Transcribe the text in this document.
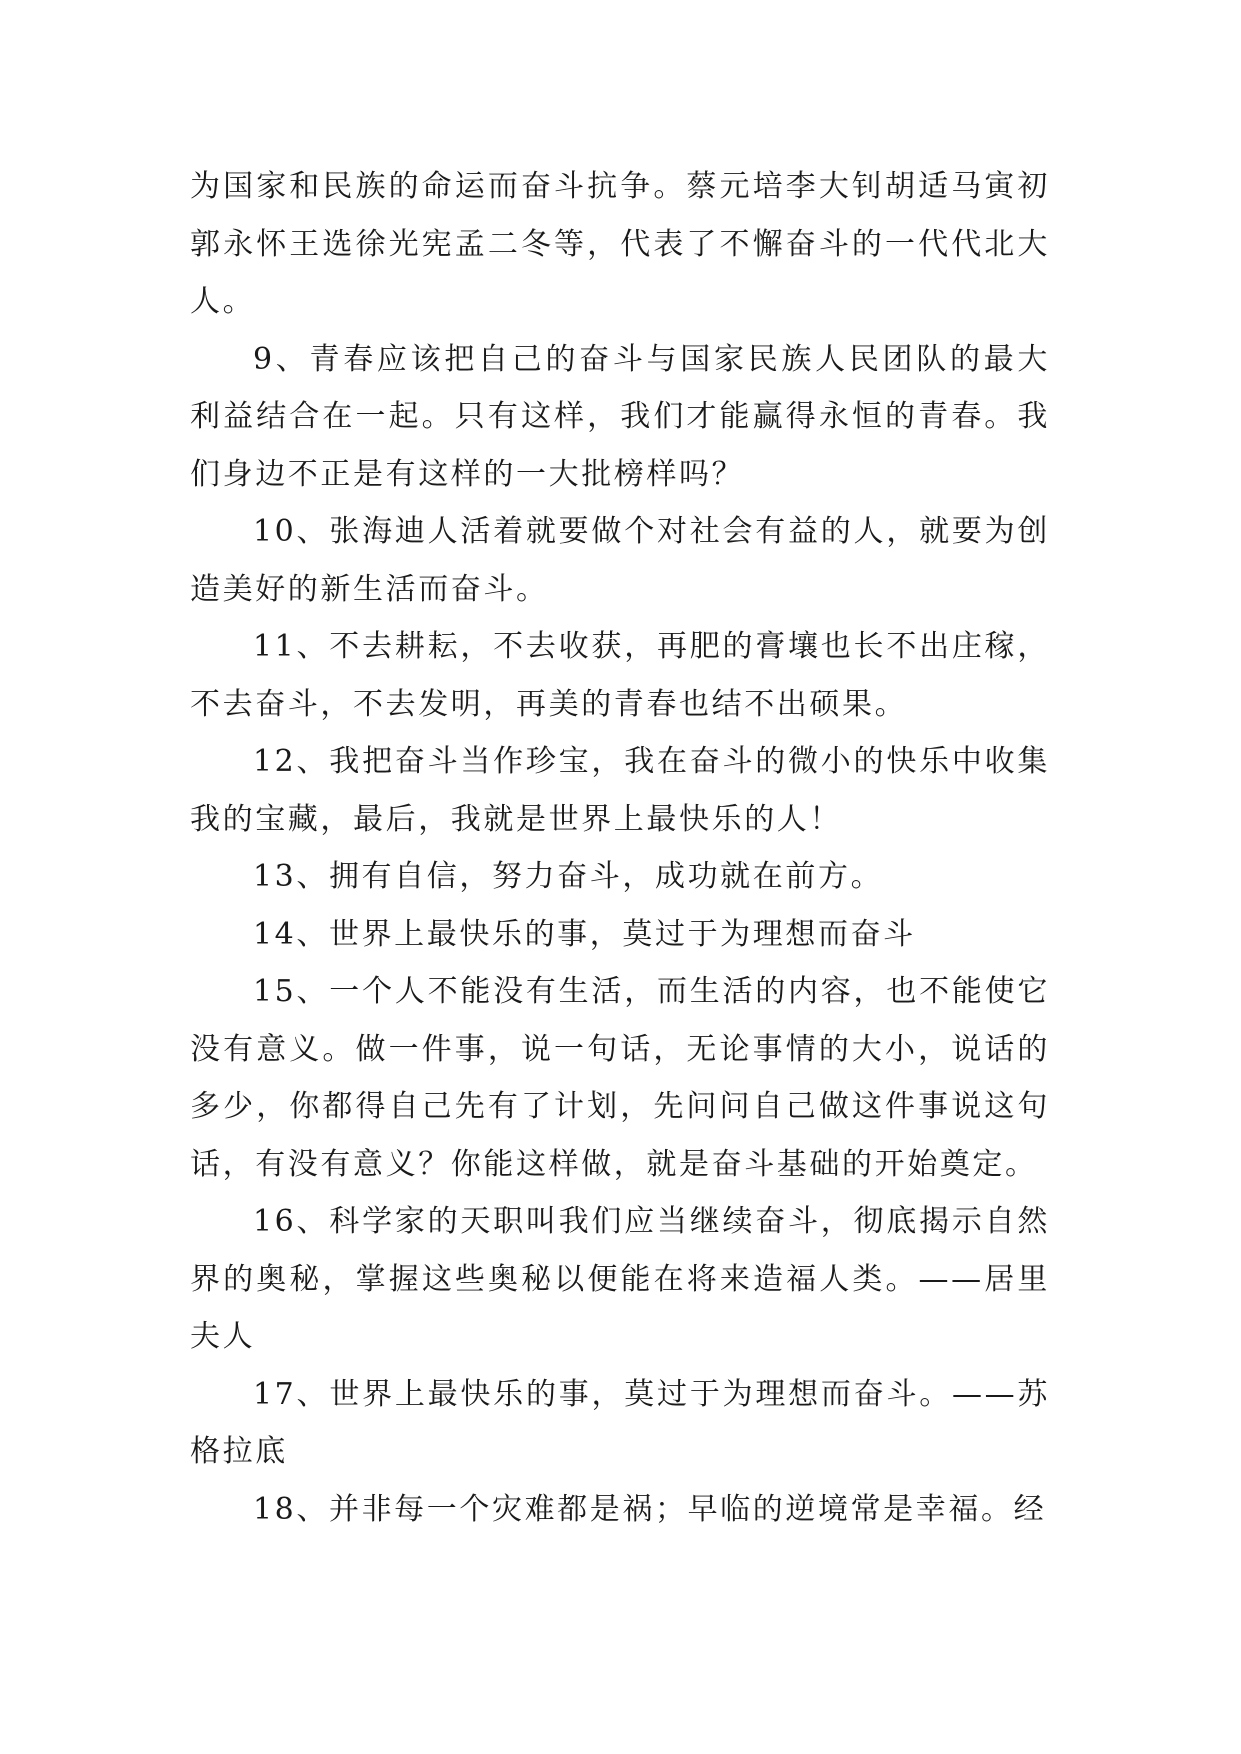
为国家和民族的命运而奋斗抗争。蔡元培李大钊胡适马寅初郭永怀王选徐光宪孟二冬等，代表了不懈奋斗的一代代北大人。

9、青春应该把自己的奋斗与国家民族人民团队的最大利益结合在一起。只有这样，我们才能赢得永恒的青春。我们身边不正是有这样的一大批榜样吗？

10、张海迪人活着就要做个对社会有益的人，就要为创造美好的新生活而奋斗。

11、不去耕耘，不去收获，再肥的膏壤也长不出庄稼，不去奋斗，不去发明，再美的青春也结不出硕果。

12、我把奋斗当作珍宝，我在奋斗的微小的快乐中收集我的宝藏，最后，我就是世界上最快乐的人！

13、拥有自信，努力奋斗，成功就在前方。

14、世界上最快乐的事，莫过于为理想而奋斗

15、一个人不能没有生活，而生活的内容，也不能使它没有意义。做一件事，说一句话，无论事情的大小，说话的多少，你都得自己先有了计划，先问问自己做这件事说这句话，有没有意义？你能这样做，就是奋斗基础的开始奠定。

16、科学家的天职叫我们应当继续奋斗，彻底揭示自然界的奥秘，掌握这些奥秘以便能在将来造福人类。——居里夫人

17、世界上最快乐的事，莫过于为理想而奋斗。——苏格拉底

18、并非每一个灾难都是祸；早临的逆境常是幸福。经
